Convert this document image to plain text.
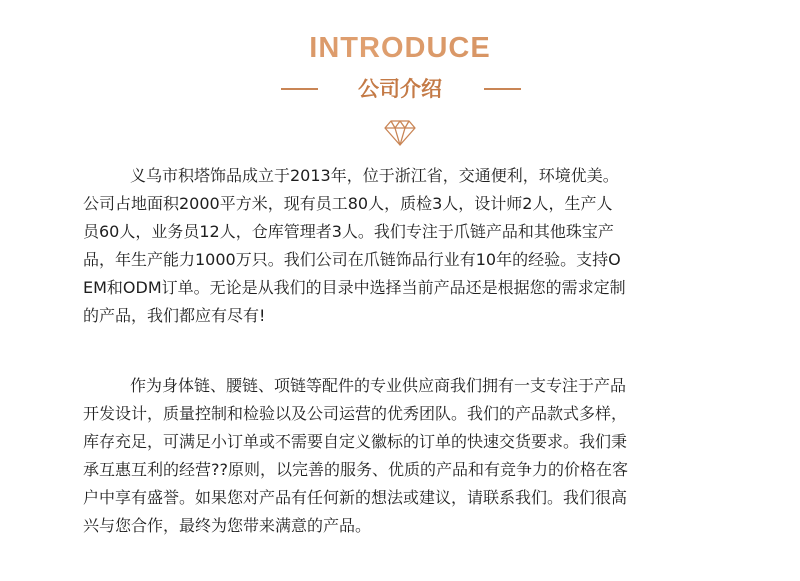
INTRODUCE
公司介绍
义乌市积塔饰品成立于2013年，位于浙江省，交通便利，环境优美。
公司占地面积2000平方米，现有员工80人，质检3人，设计师2人，生产人
员60人，业务员12人，仓库管理者3人。我们专注于爪链产品和其他珠宝产
品，年生产能力1000万只。我们公司在爪链饰品行业有10年的经验。支持O
EM和ODM订单。无论是从我们的目录中选择当前产品还是根据您的需求定制
的产品，我们都应有尽有!
作为身体链、腰链、项链等配件的专业供应商我们拥有一支专注于产品
开发设计，质量控制和检验以及公司运营的优秀团队。我们的产品款式多样，
库存充足，可满足小订单或不需要自定义徽标的订单的快速交货要求。我们秉
承互惠互利的经营??原则，以完善的服务、优质的产品和有竞争力的价格在客
户中享有盛誉。如果您对产品有任何新的想法或建议，请联系我们。我们很高
兴与您合作，最终为您带来满意的产品。
